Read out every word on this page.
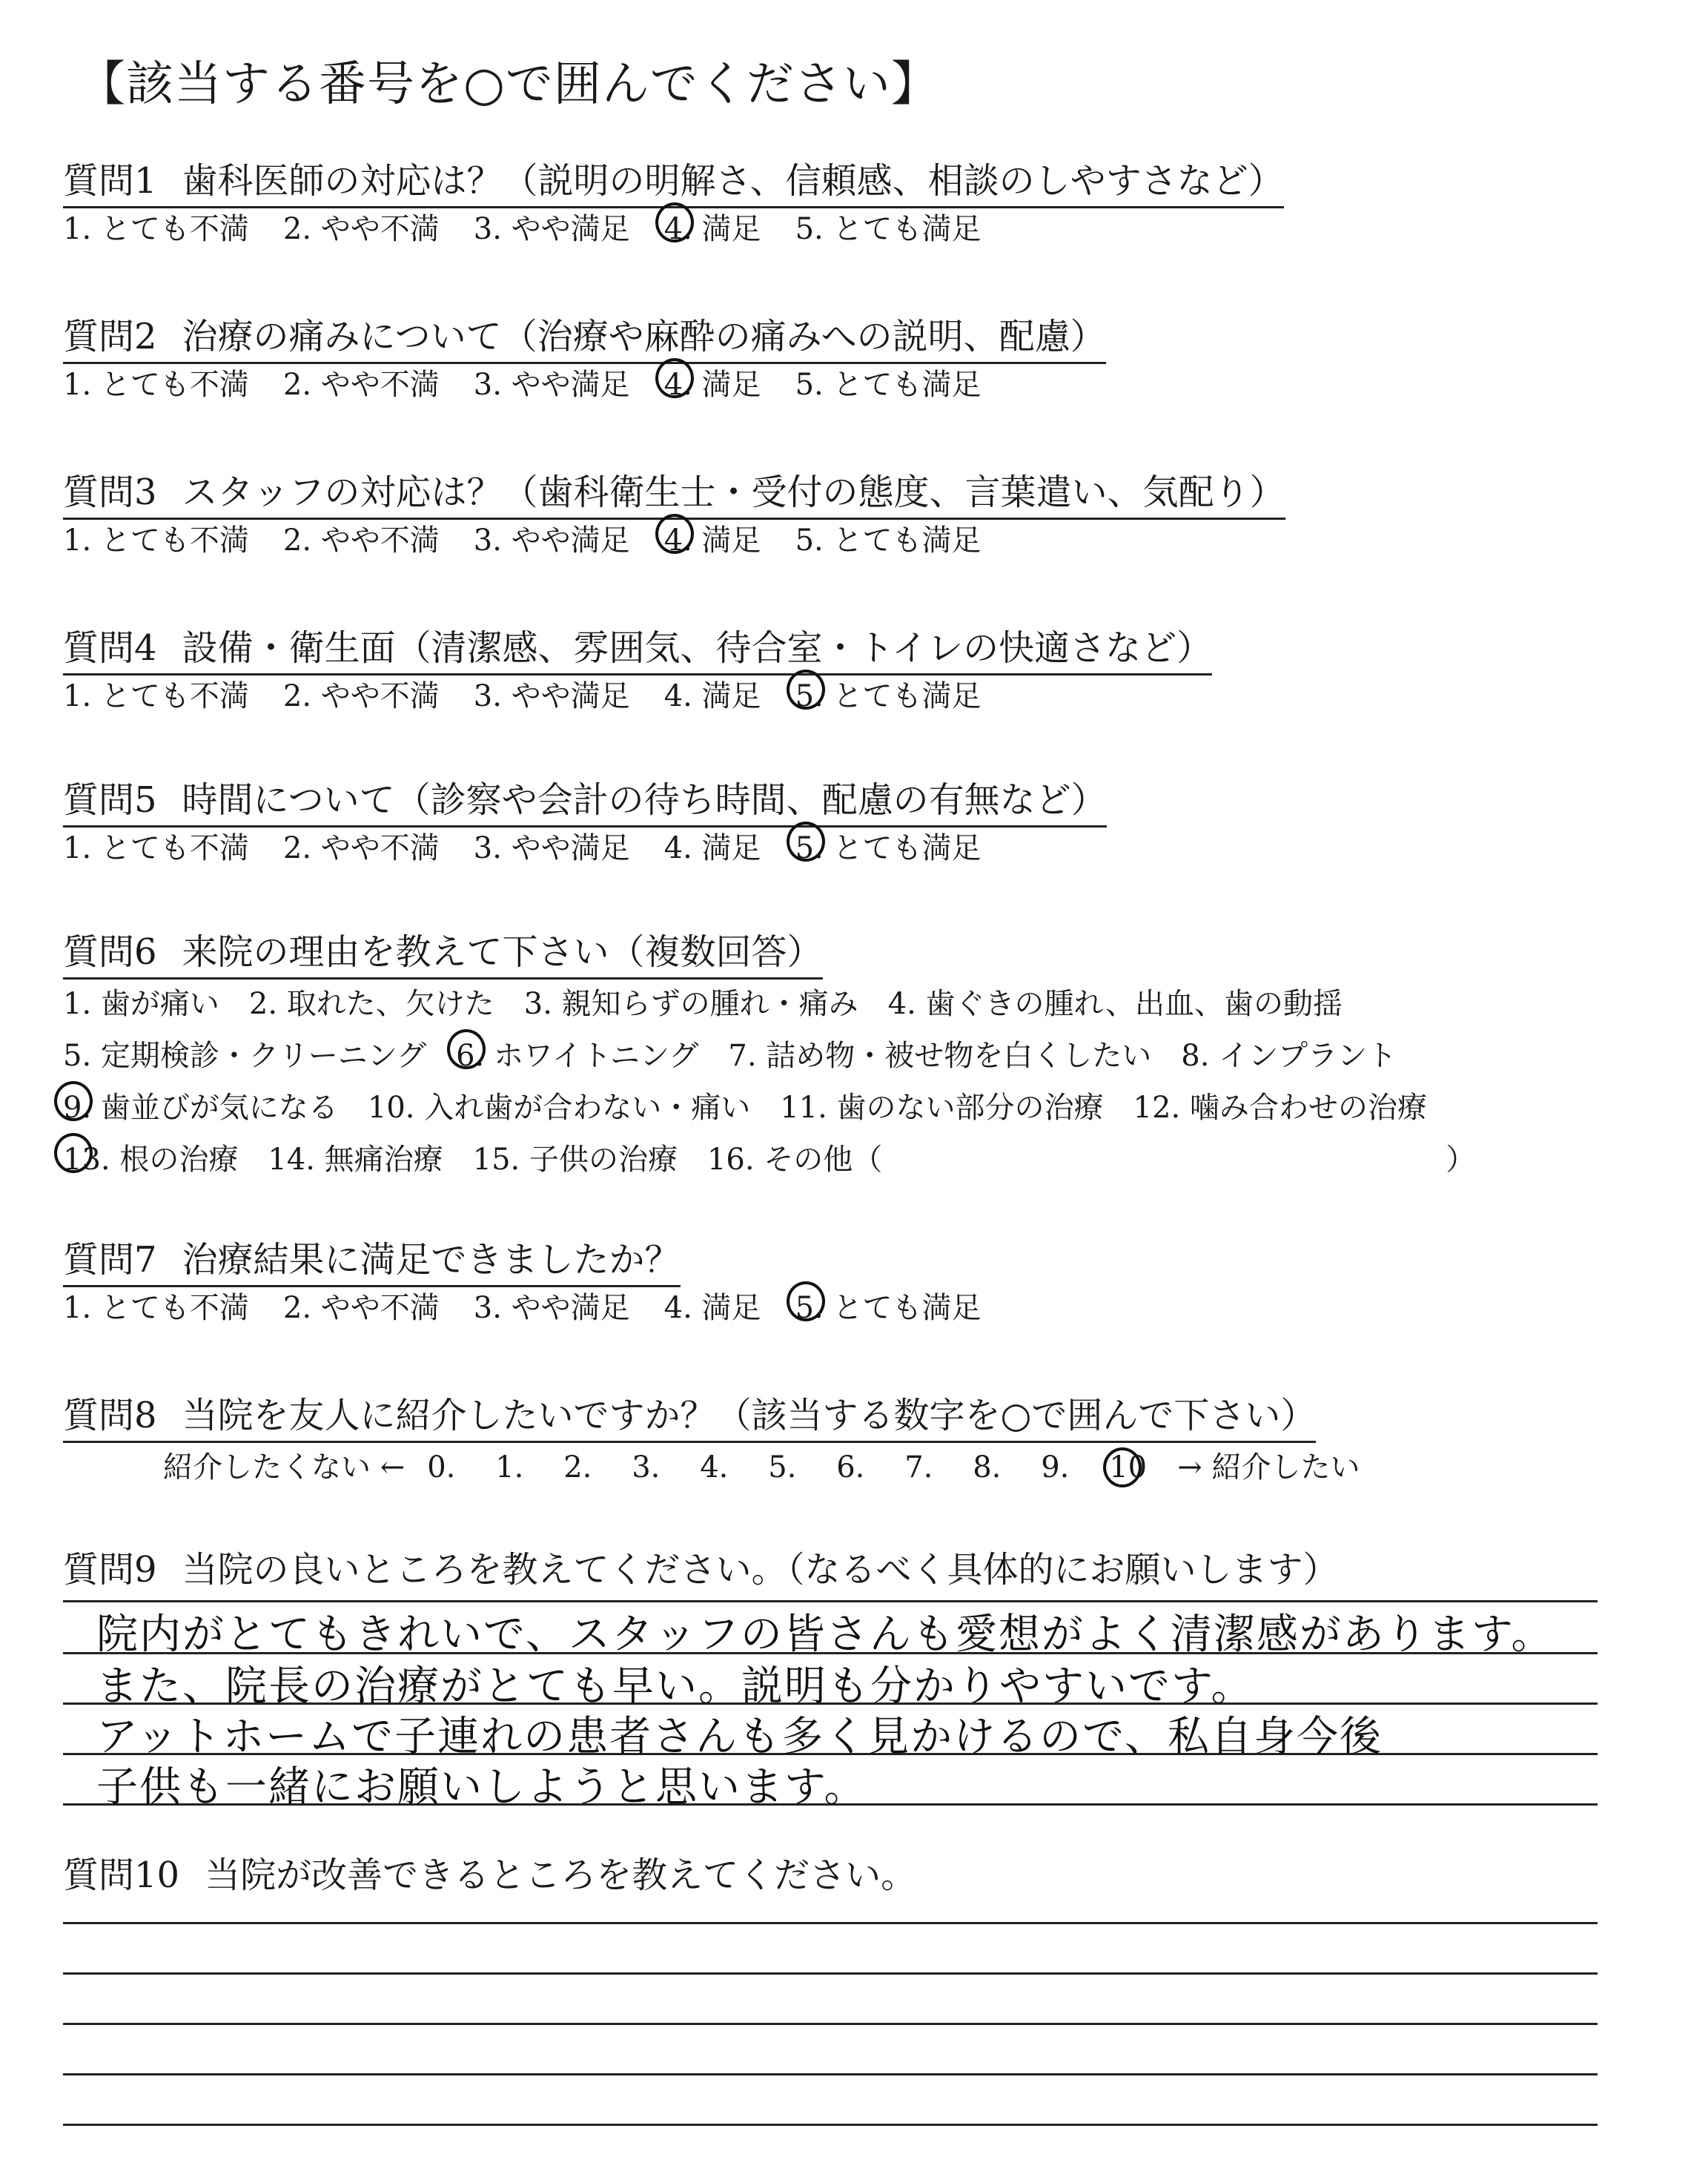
【該当する番号を○で囲んでください】
質問1 歯科医師の対応は？（説明の明解さ、信頼感、相談のしやすさなど）
1. とても不満 2. やや不満 3. やや満足 4. 満足 5. とても満足
質問2 治療の痛みについて（治療や麻酔の痛みへの説明、配慮）
1. とても不満 2. やや不満 3. やや満足 4. 満足 5. とても満足
質問3 スタッフの対応は？（歯科衛生士・受付の態度、言葉遣い、気配り）
1. とても不満 2. やや不満 3. やや満足 4. 満足 5. とても満足
質問4 設備・衛生面（清潔感、雰囲気、待合室・トイレの快適さなど）
1. とても不満 2. やや不満 3. やや満足 4. 満足 5. とても満足
質問5 時間について（診察や会計の待ち時間、配慮の有無など）
1. とても不満 2. やや不満 3. やや満足 4. 満足 5. とても満足
質問6 来院の理由を教えて下さい（複数回答）
1. 歯が痛い 2. 取れた、欠けた 3. 親知らずの腫れ・痛み 4. 歯ぐきの腫れ、出血、歯の動揺
5. 定期検診・クリーニング 6. ホワイトニング 7. 詰め物・被せ物を白くしたい 8. インプラント
9. 歯並びが気になる 10. 入れ歯が合わない・痛い 11. 歯のない部分の治療 12. 噛み合わせの治療
13. 根の治療 14. 無痛治療 15. 子供の治療 16. その他（	）
質問7 治療結果に満足できましたか？
1. とても不満 2. やや不満 3. やや満足 4. 満足 5. とても満足
質問8 当院を友人に紹介したいですか？（該当する数字を○で囲んで下さい）
紹介したくない ← 0. 1. 2. 3. 4. 5. 6. 7. 8. 9. 10 → 紹介したい
質問9 当院の良いところを教えてください。（なるべく具体的にお願いします）
院内がとてもきれいで、スタッフの皆さんも愛想がよく清潔感があります。
また、院長の治療がとても早い。説明も分かりやすいです。
アットホームで子連れの患者さんも多く見かけるので、私自身今後
子供も一緒にお願いしようと思います。
質問10 当院が改善できるところを教えてください。
